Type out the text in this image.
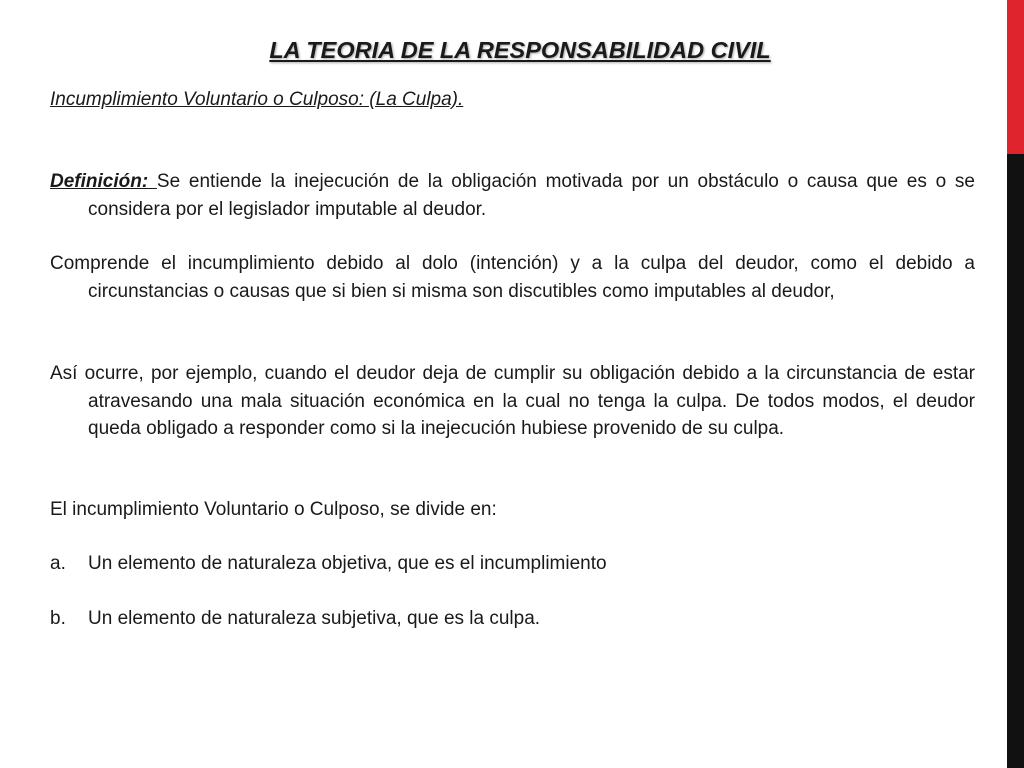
LA TEORIA DE LA RESPONSABILIDAD CIVIL
Incumplimiento Voluntario o Culposo: (La Culpa).
Definición: Se entiende la inejecución de la obligación motivada por un obstáculo o causa que es o se considera por el legislador imputable al deudor.
Comprende el incumplimiento debido al dolo (intención) y a la culpa del deudor, como el debido a circunstancias o causas que si bien si misma son discutibles como imputables al deudor,
Así ocurre, por ejemplo, cuando el deudor deja de cumplir su obligación debido a la circunstancia de estar atravesando una mala situación económica en la cual no tenga la culpa. De todos modos, el deudor queda obligado a responder como si la inejecución hubiese provenido de su culpa.
El incumplimiento Voluntario o Culposo, se divide en:
a. Un elemento de naturaleza objetiva, que es el incumplimiento
b. Un elemento de naturaleza subjetiva, que es la culpa.
